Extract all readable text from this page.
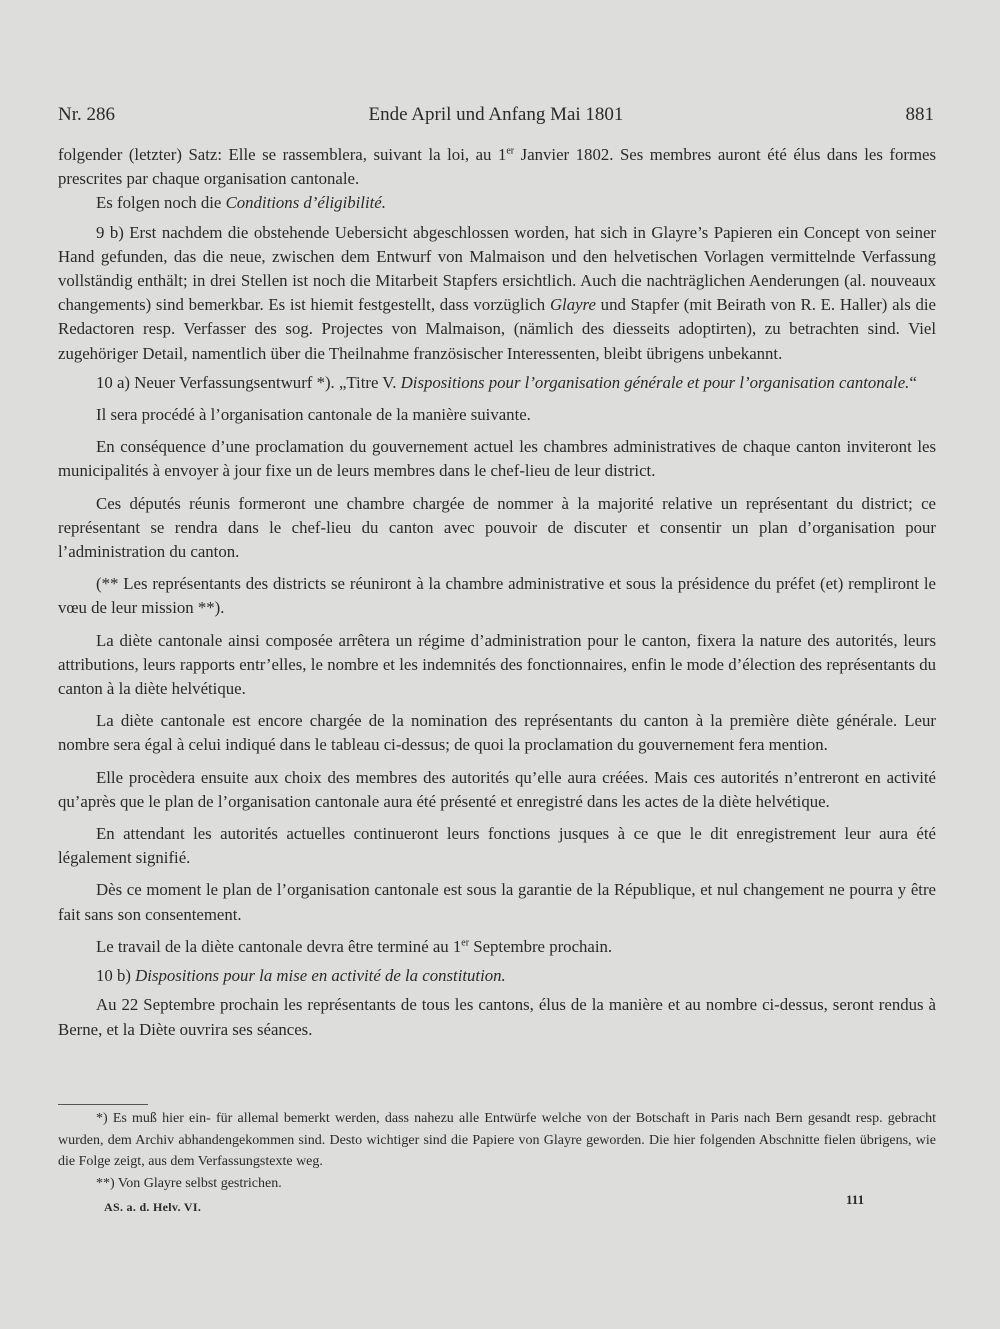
Nr. 286	Ende April und Anfang Mai 1801	881

folgender (letzter) Satz: Elle se rassemblera, suivant la loi, au 1er Janvier 1802. Ses membres auront été élus dans les formes prescrites par chaque organisation cantonale.

Es folgen noch die Conditions d’éligibilité.

9 b) Erst nachdem die obstehende Uebersicht abgeschlossen worden, hat sich in Glayre’s Papieren ein Concept von seiner Hand gefunden, das die neue, zwischen dem Entwurf von Malmaison und den helvetischen Vorlagen vermittelnde Verfassung vollständig enthält; in drei Stellen ist noch die Mitarbeit Stapfers ersichtlich. Auch die nachträglichen Aenderungen (al. nouveaux changements) sind bemerkbar. Es ist hiemit festgestellt, dass vorzüglich Glayre und Stapfer (mit Beirath von R. E. Haller) als die Redactoren resp. Verfasser des sog. Projectes von Malmaison, (nämlich des diesseits adoptirten), zu betrachten sind. Viel zugehöriger Detail, namentlich über die Theilnahme französischer Interessenten, bleibt übrigens unbekannt.

10 a) Neuer Verfassungsentwurf *). „Titre V. Dispositions pour l’organisation générale et pour l’organisation cantonale.“

Il sera procédé à l’organisation cantonale de la manière suivante.

En conséquence d’une proclamation du gouvernement actuel les chambres administratives de chaque canton inviteront les municipalités à envoyer à jour fixe un de leurs membres dans le chef-lieu de leur district.

Ces députés réunis formeront une chambre chargée de nommer à la majorité relative un représentant du district; ce représentant se rendra dans le chef-lieu du canton avec pouvoir de discuter et consentir un plan d’organisation pour l’administration du canton.

(** Les représentants des districts se réuniront à la chambre administrative et sous la présidence du préfet (et) rempliront le vœu de leur mission **).

La diète cantonale ainsi composée arrêtera un régime d’administration pour le canton, fixera la nature des autorités, leurs attributions, leurs rapports entr’elles, le nombre et les indemnités des fonctionnaires, enfin le mode d’élection des représentants du canton à la diète helvétique.

La diète cantonale est encore chargée de la nomination des représentants du canton à la première diète générale. Leur nombre sera égal à celui indiqué dans le tableau ci-dessus; de quoi la proclamation du gouvernement fera mention.

Elle procèdera ensuite aux choix des membres des autorités qu’elle aura créées. Mais ces autorités n’entreront en activité qu’après que le plan de l’organisation cantonale aura été présenté et enregistré dans les actes de la diète helvétique.

En attendant les autorités actuelles continueront leurs fonctions jusques à ce que le dit enregistrement leur aura été légalement signifié.

Dès ce moment le plan de l’organisation cantonale est sous la garantie de la République, et nul changement ne pourra y être fait sans son consentement.

Le travail de la diète cantonale devra être terminé au 1er Septembre prochain.

10 b) Dispositions pour la mise en activité de la constitution.

Au 22 Septembre prochain les représentants de tous les cantons, élus de la manière et au nombre ci-dessus, seront rendus à Berne, et la Diète ouvrira ses séances.

*) Es muß hier ein- für allemal bemerkt werden, dass nahezu alle Entwürfe welche von der Botschaft in Paris nach Bern gesandt resp. gebracht wurden, dem Archiv abhandengekommen sind. Desto wichtiger sind die Papiere von Glayre geworden. Die hier folgenden Abschnitte fielen übrigens, wie die Folge zeigt, aus dem Verfassungstexte weg.

**) Von Glayre selbst gestrichen.

111
AS. a. d. Helv. VI.
